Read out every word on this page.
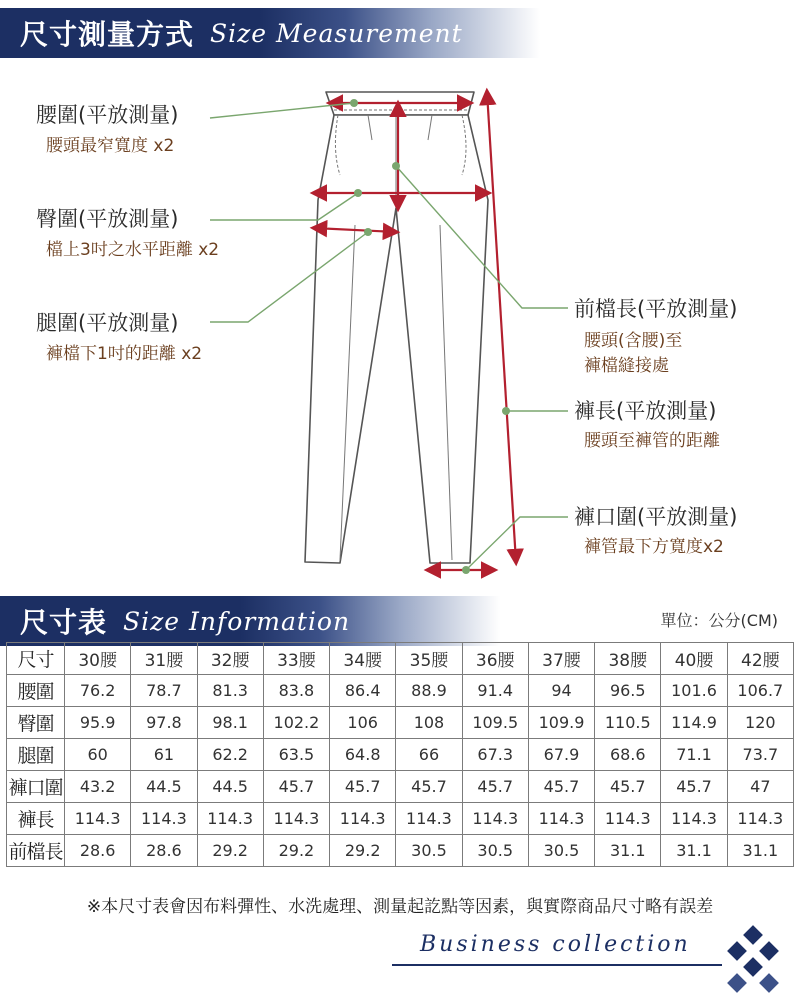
尺寸測量方式 Size Measurement
腰圍(平放測量)
腰頭最窄寬度 x2
臀圍(平放測量)
檔上3吋之水平距離 x2
腿圍(平放測量)
褲檔下1吋的距離 x2
前檔長(平放測量)
腰頭(含腰)至
褲檔縫接處
褲長(平放測量)
腰頭至褲管的距離
褲口圍(平放測量)
褲管最下方寬度x2
尺寸表 Size Information	單位：公分(CM)
尺寸	30腰	31腰	32腰	33腰	34腰	35腰	36腰	37腰	38腰	40腰	42腰
腰圍	76.2	78.7	81.3	83.8	86.4	88.9	91.4	94	96.5	101.6	106.7
臀圍	95.9	97.8	98.1	102.2	106	108	109.5	109.9	110.5	114.9	120
腿圍	60	61	62.2	63.5	64.8	66	67.3	67.9	68.6	71.1	73.7
褲口圍	43.2	44.5	44.5	45.7	45.7	45.7	45.7	45.7	45.7	45.7	47
褲長	114.3	114.3	114.3	114.3	114.3	114.3	114.3	114.3	114.3	114.3	114.3
前檔長	28.6	28.6	29.2	29.2	29.2	30.5	30.5	30.5	31.1	31.1	31.1
※本尺寸表會因布料彈性、水洗處理、測量起訖點等因素，與實際商品尺寸略有誤差
Business collection
